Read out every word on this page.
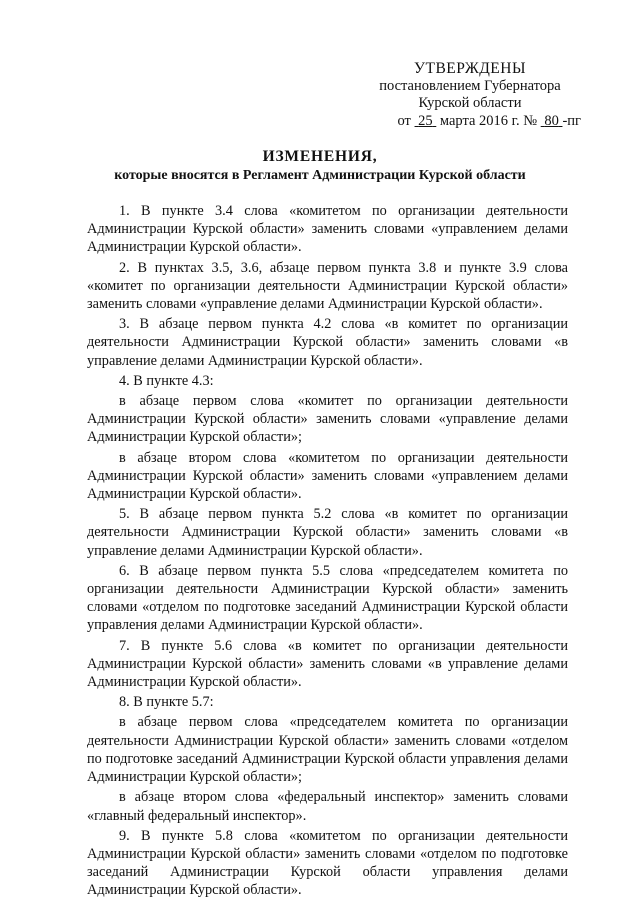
УТВЕРЖДЕНЫ
постановлением Губернатора
Курской области
от 25 марта 2016 г. № 80 -пг
ИЗМЕНЕНИЯ,
которые вносятся в Регламент Администрации Курской области

1. В пункте 3.4 слова «комитетом по организации деятельности Администрации Курской области» заменить словами «управлением делами Администрации Курской области».

2. В пунктах 3.5, 3.6, абзаце первом пункта 3.8 и пункте 3.9 слова «комитет по организации деятельности Администрации Курской области» заменить словами «управление делами Администрации Курской области».

3. В абзаце первом пункта 4.2 слова «в комитет по организации деятельности Администрации Курской области» заменить словами «в управление делами Администрации Курской области».

4. В пункте 4.3:

в абзаце первом слова «комитет по организации деятельности Администрации Курской области» заменить словами «управление делами Администрации Курской области»;

в абзаце втором слова «комитетом по организации деятельности Администрации Курской области» заменить словами «управлением делами Администрации Курской области».

5. В абзаце первом пункта 5.2 слова «в комитет по организации деятельности Администрации Курской области» заменить словами «в управление делами Администрации Курской области».

6. В абзаце первом пункта 5.5 слова «председателем комитета по организации деятельности Администрации Курской области» заменить словами «отделом по подготовке заседаний Администрации Курской области управления делами Администрации Курской области».

7. В пункте 5.6 слова «в комитет по организации деятельности Администрации Курской области» заменить словами «в управление делами Администрации Курской области».

8. В пункте 5.7:

в абзаце первом слова «председателем комитета по организации деятельности Администрации Курской области» заменить словами «отделом по подготовке заседаний Администрации Курской области управления делами Администрации Курской области»;

в абзаце втором слова «федеральный инспектор» заменить словами «главный федеральный инспектор».

9. В пункте 5.8 слова «комитетом по организации деятельности Администрации Курской области» заменить словами «отделом по подготовке заседаний Администрации Курской области управления делами Администрации Курской области».
